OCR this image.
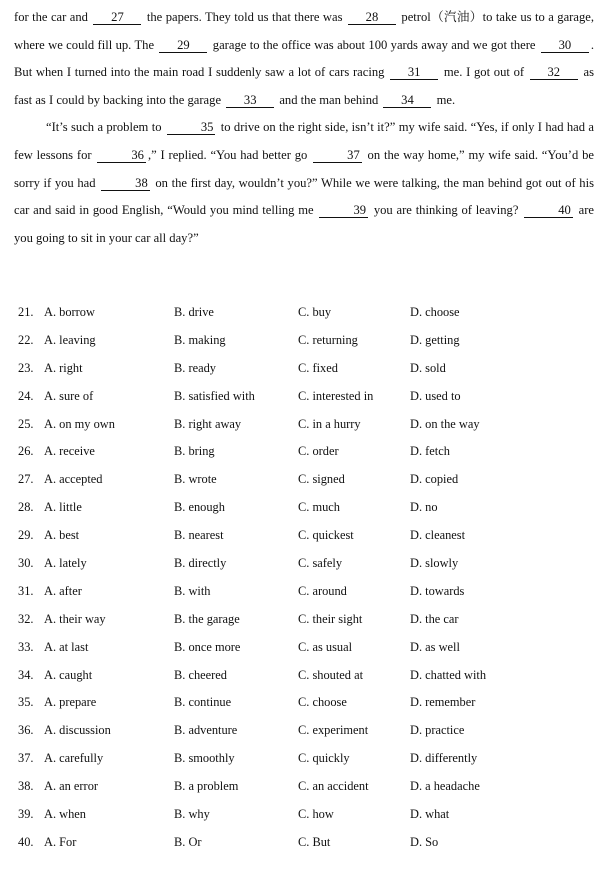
for the car and 27 the papers. They told us that there was 28 petrol（汽油）to take us to a garage, where we could fill up. The 29 garage to the office was about 100 yards away and we got there 30 . But when I turned into the main road I suddenly saw a lot of cars racing 31 me. I got out of 32 as fast as I could by backing into the garage 33 and the man behind 34 me.

“It’s such a problem to	35 to drive on the right side, isn’t it?” my wife said. “Yes, if only I had had a few lessons for	36 ,” I replied. “You had better go	37 on the way home,” my wife said. “You’d be sorry if you had	38 on the first day, wouldn’t you?” While we were talking, the man behind got out of his car and said in good English, “Would you mind telling me	39 you are thinking of leaving?	40 are you going to sit in your car all day?”

21. A. borrow	B. drive	C. buy	D. choose
22. A. leaving	B. making	C. returning	D. getting
23. A. right	B. ready	C. fixed	D. sold
24. A. sure of	B. satisfied with	C. interested in	D. used to
25. A. on my own	B. right away	C. in a hurry	D. on the way
26. A. receive	B. bring	C. order	D. fetch
27. A. accepted	B. wrote	C. signed	D. copied
28. A. little	B. enough	C. much	D. no
29. A. best	B. nearest	C. quickest	D. cleanest
30. A. lately	B. directly	C. safely	D. slowly
31. A. after	B. with	C. around	D. towards
32. A. their way	B. the garage	C. their sight	D. the car
33. A. at last	B. once more	C. as usual	D. as well
34. A. caught	B. cheered	C. shouted at	D. chatted with
35. A. prepare	B. continue	C. choose	D. remember
36. A. discussion	B. adventure	C. experiment	D. practice
37. A. carefully	B. smoothly	C. quickly	D. differently
38. A. an error	B. a problem	C. an accident	D. a headache
39. A. when	B. why	C. how	D. what
40. A. For	B. Or	C. But	D. So
